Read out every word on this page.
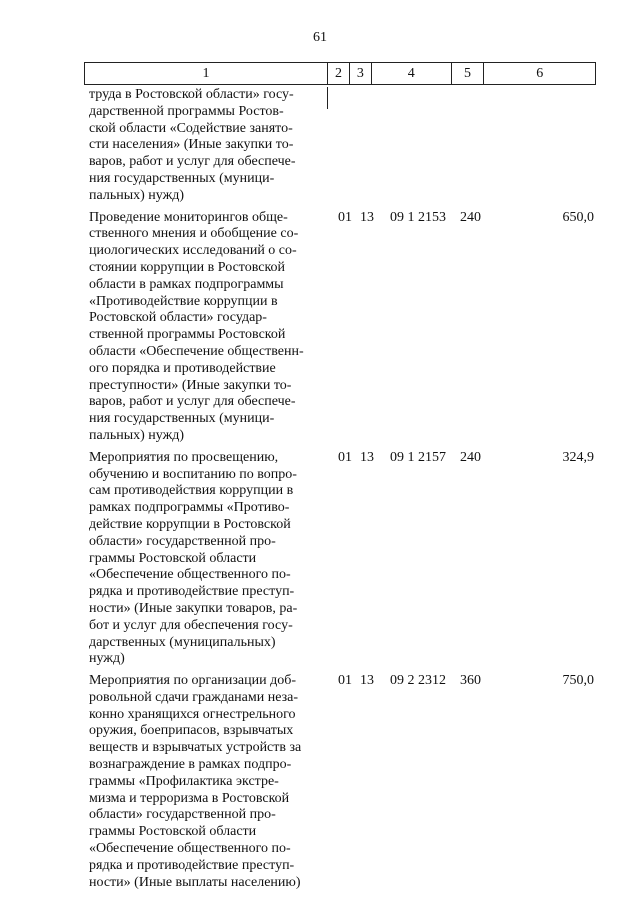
61
1	2	3	4	5	6
труда в Ростовской области» госу-
дарственной программы Ростов-
ской области «Содействие занято-
сти населения» (Иные закупки то-
варов, работ и услуг для обеспече-
ния государственных (муници-
пальных) нужд)
Проведение мониторингов обще-
ственного мнения и обобщение со-
циологических исследований о со-
стоянии коррупции в Ростовской
области в рамках подпрограммы
«Противодействие коррупции в
Ростовской области» государ-
ственной программы Ростовской
области «Обеспечение общественн-
ого порядка и противодействие
преступности» (Иные закупки то-
варов, работ и услуг для обеспече-
ния государственных (муници-
пальных) нужд)
01 13	09 1 2153	240	650,0
Мероприятия по просвещению,
обучению и воспитанию по вопро-
сам противодействия коррупции в
рамках подпрограммы «Противо-
действие коррупции в Ростовской
области» государственной про-
граммы Ростовской области
«Обеспечение общественного по-
рядка и противодействие преступ-
ности» (Иные закупки товаров, ра-
бот и услуг для обеспечения госу-
дарственных (муниципальных)
нужд)
01 13	09 1 2157	240	324,9
Мероприятия по организации доб-
ровольной сдачи гражданами неза-
конно хранящихся огнестрельного
оружия, боеприпасов, взрывчатых
веществ и взрывчатых устройств за
вознаграждение в рамках подпро-
граммы «Профилактика экстре-
мизма и терроризма в Ростовской
области» государственной про-
граммы Ростовской области
«Обеспечение общественного по-
рядка и противодействие преступ-
ности» (Иные выплаты населению)
01 13	09 2 2312	360	750,0
